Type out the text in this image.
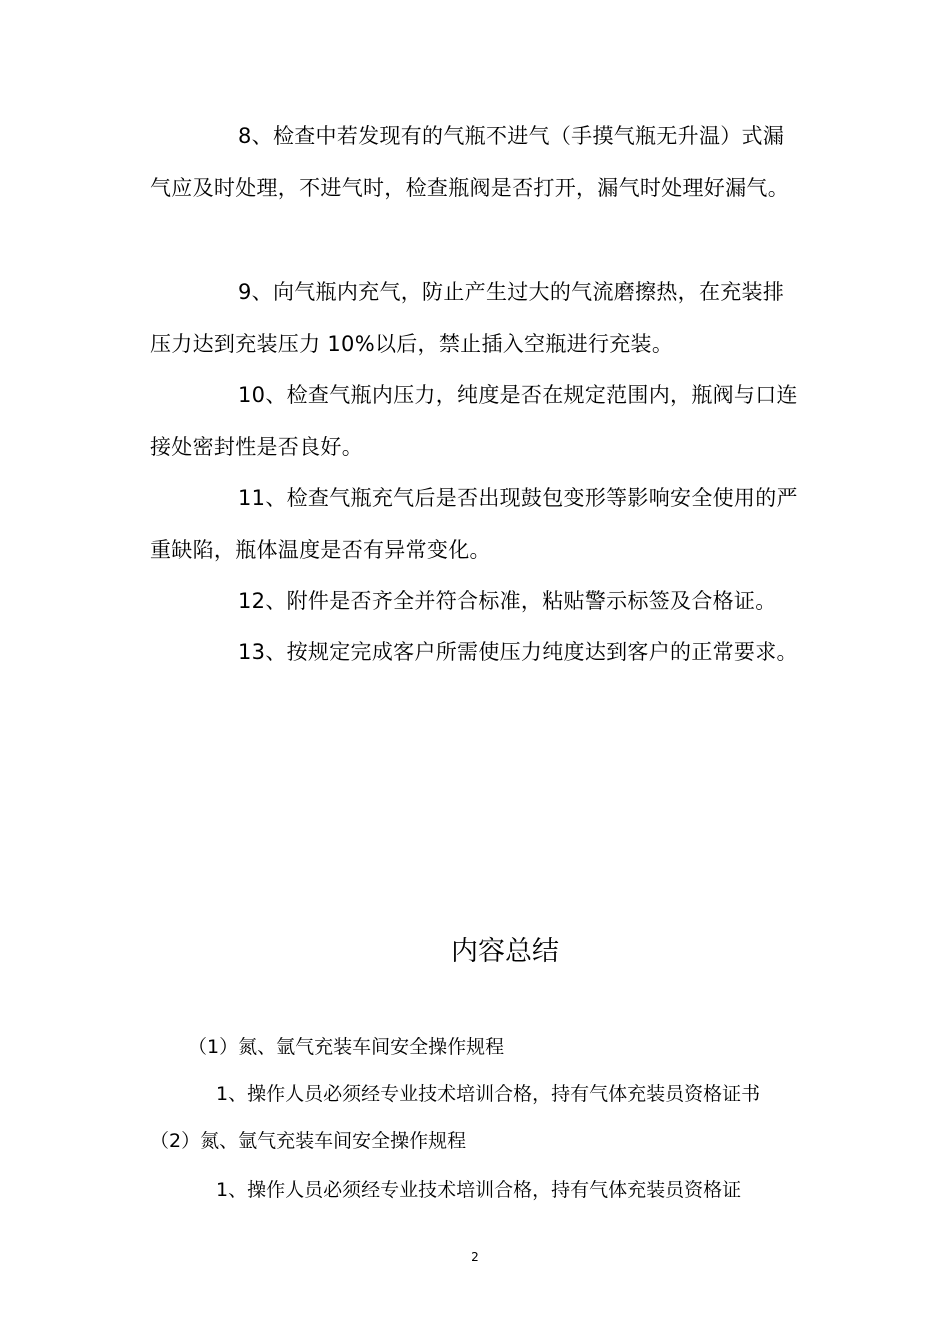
8、检查中若发现有的气瓶不进气（手摸气瓶无升温）式漏气应及时处理，不进气时，检查瓶阀是否打开，漏气时处理好漏气。

9、向气瓶内充气，防止产生过大的气流磨擦热，在充装排压力达到充装压力 10%以后，禁止插入空瓶进行充装。

10、检查气瓶内压力，纯度是否在规定范围内，瓶阀与口连接处密封性是否良好。

11、检查气瓶充气后是否出现鼓包变形等影响安全使用的严重缺陷，瓶体温度是否有异常变化。

12、附件是否齐全并符合标准，粘贴警示标签及合格证。

13、按规定完成客户所需使压力纯度达到客户的正常要求。

内容总结

（1）氮、氩气充装车间安全操作规程

1、操作人员必须经专业技术培训合格，持有气体充装员资格证书

（2）氮、氩气充装车间安全操作规程

1、操作人员必须经专业技术培训合格，持有气体充装员资格证

2
